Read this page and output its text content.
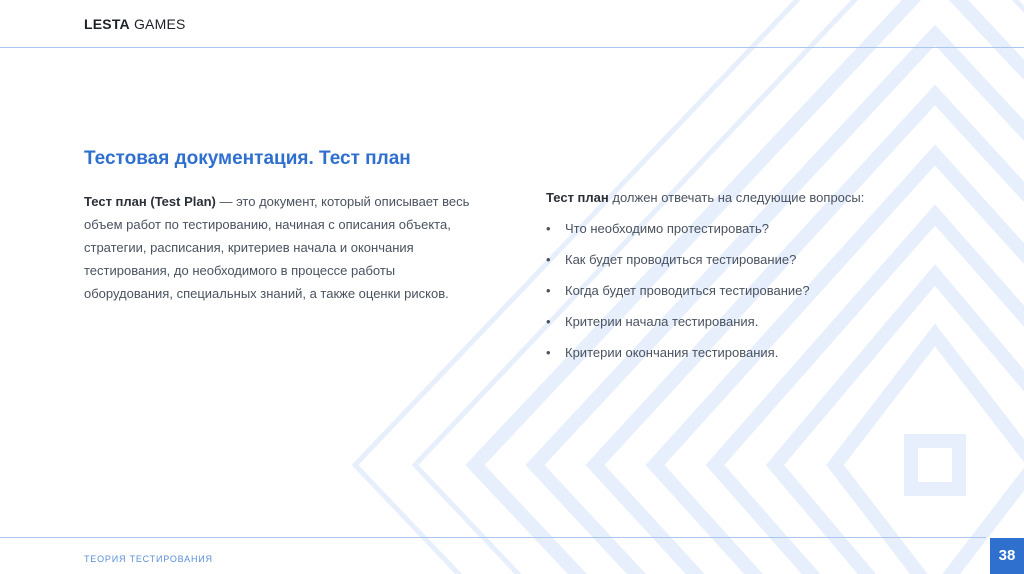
LESTA GAMES
Тестовая документация. Тест план
Тест план (Test Plan) — это документ, который описывает весь объем работ по тестированию, начиная с описания объекта, стратегии, расписания, критериев начала и окончания тестирования, до необходимого в процессе работы оборудования, специальных знаний, а также оценки рисков.
Тест план должен отвечать на следующие вопросы:
• Что необходимо протестировать?
• Как будет проводиться тестирование?
• Когда будет проводиться тестирование?
• Критерии начала тестирования.
• Критерии окончания тестирования.
ТЕОРИЯ ТЕСТИРОВАНИЯ	38
